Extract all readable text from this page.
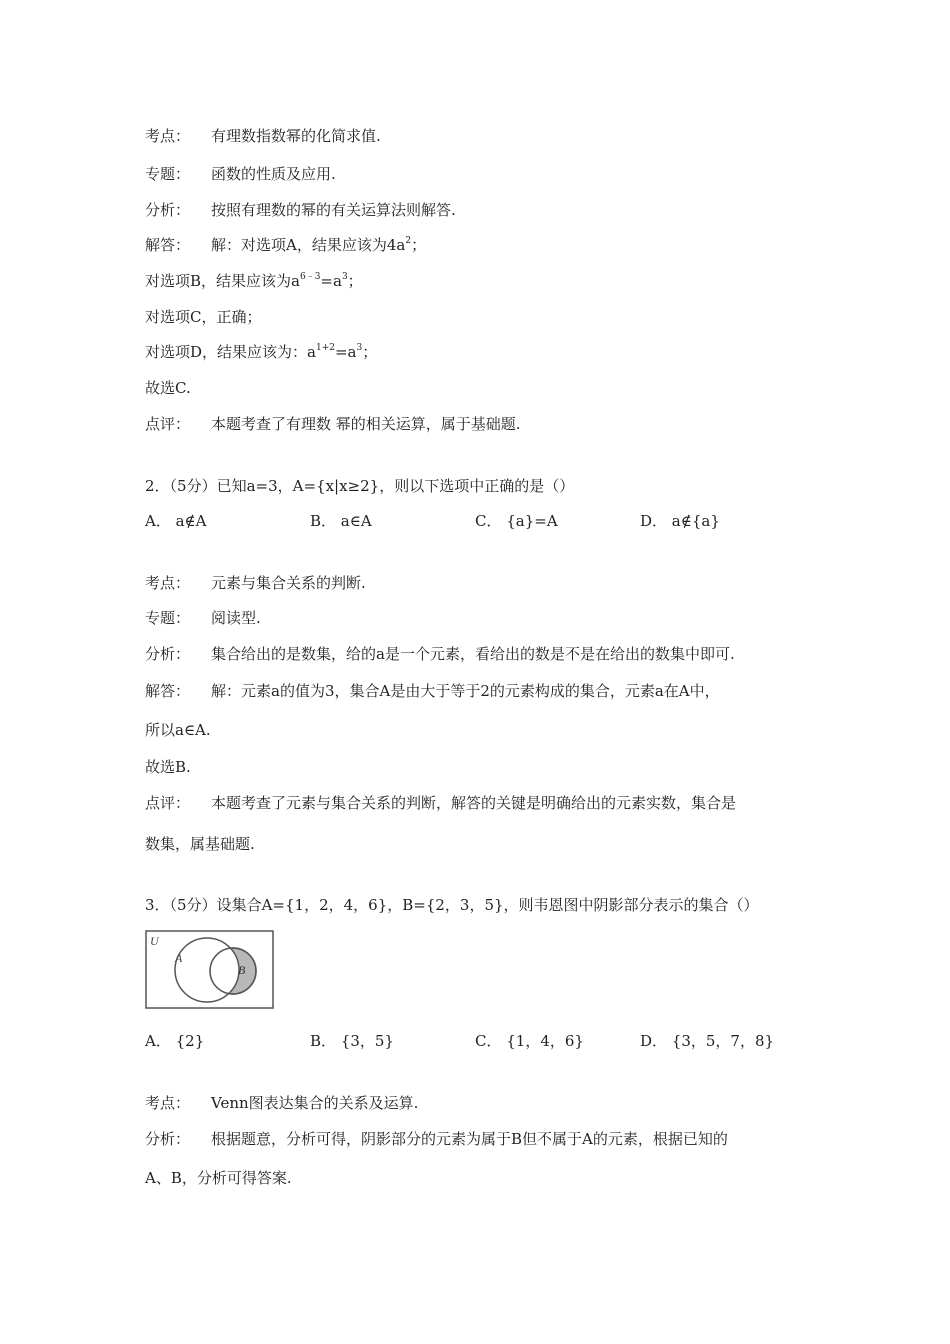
考点： 有理数指数幂的化简求值.
专题： 函数的性质及应用.
分析： 按照有理数的幂的有关运算法则解答.
解答： 解：对选项A，结果应该为$4a^2$；
对选项B，结果应该为$a^{6﹣3}=a^3$；
对选项C，正确；
对选项D，结果应该为：$a^{1+2}=a^3$；
故选C.
点评： 本题考查了有理数 幂的相关运算，属于基础题.
2．（5分）已知a=3，A={x|x≥2}，则以下选项中正确的是（）
A． a∉A	B． a∈A	C． {a}=A	D． a∉{a}
考点： 元素与集合关系的判断.
专题： 阅读型.
分析： 集合给出的是数集，给的a是一个元素，看给出的数是不是在给出的数集中即可.
解答： 解：元素a的值为3，集合A是由大于等于2的元素构成的集合，元素a在A中，
所以a∈A.
故选B.
点评： 本题考查了元素与集合关系的判断，解答的关键是明确给出的元素实数，集合是
数集，属基础题.
3．（5分）设集合A={1，2，4，6}，B={2，3，5}，则韦恩图中阴影部分表示的集合（）
U
A
B
A． {2}	B． {3，5}	C． {1，4，6}	D． {3，5，7，8}
考点： Venn图表达集合的关系及运算.
分析： 根据题意，分析可得，阴影部分的元素为属于B但不属于A的元素，根据已知的
A、B，分析可得答案.
